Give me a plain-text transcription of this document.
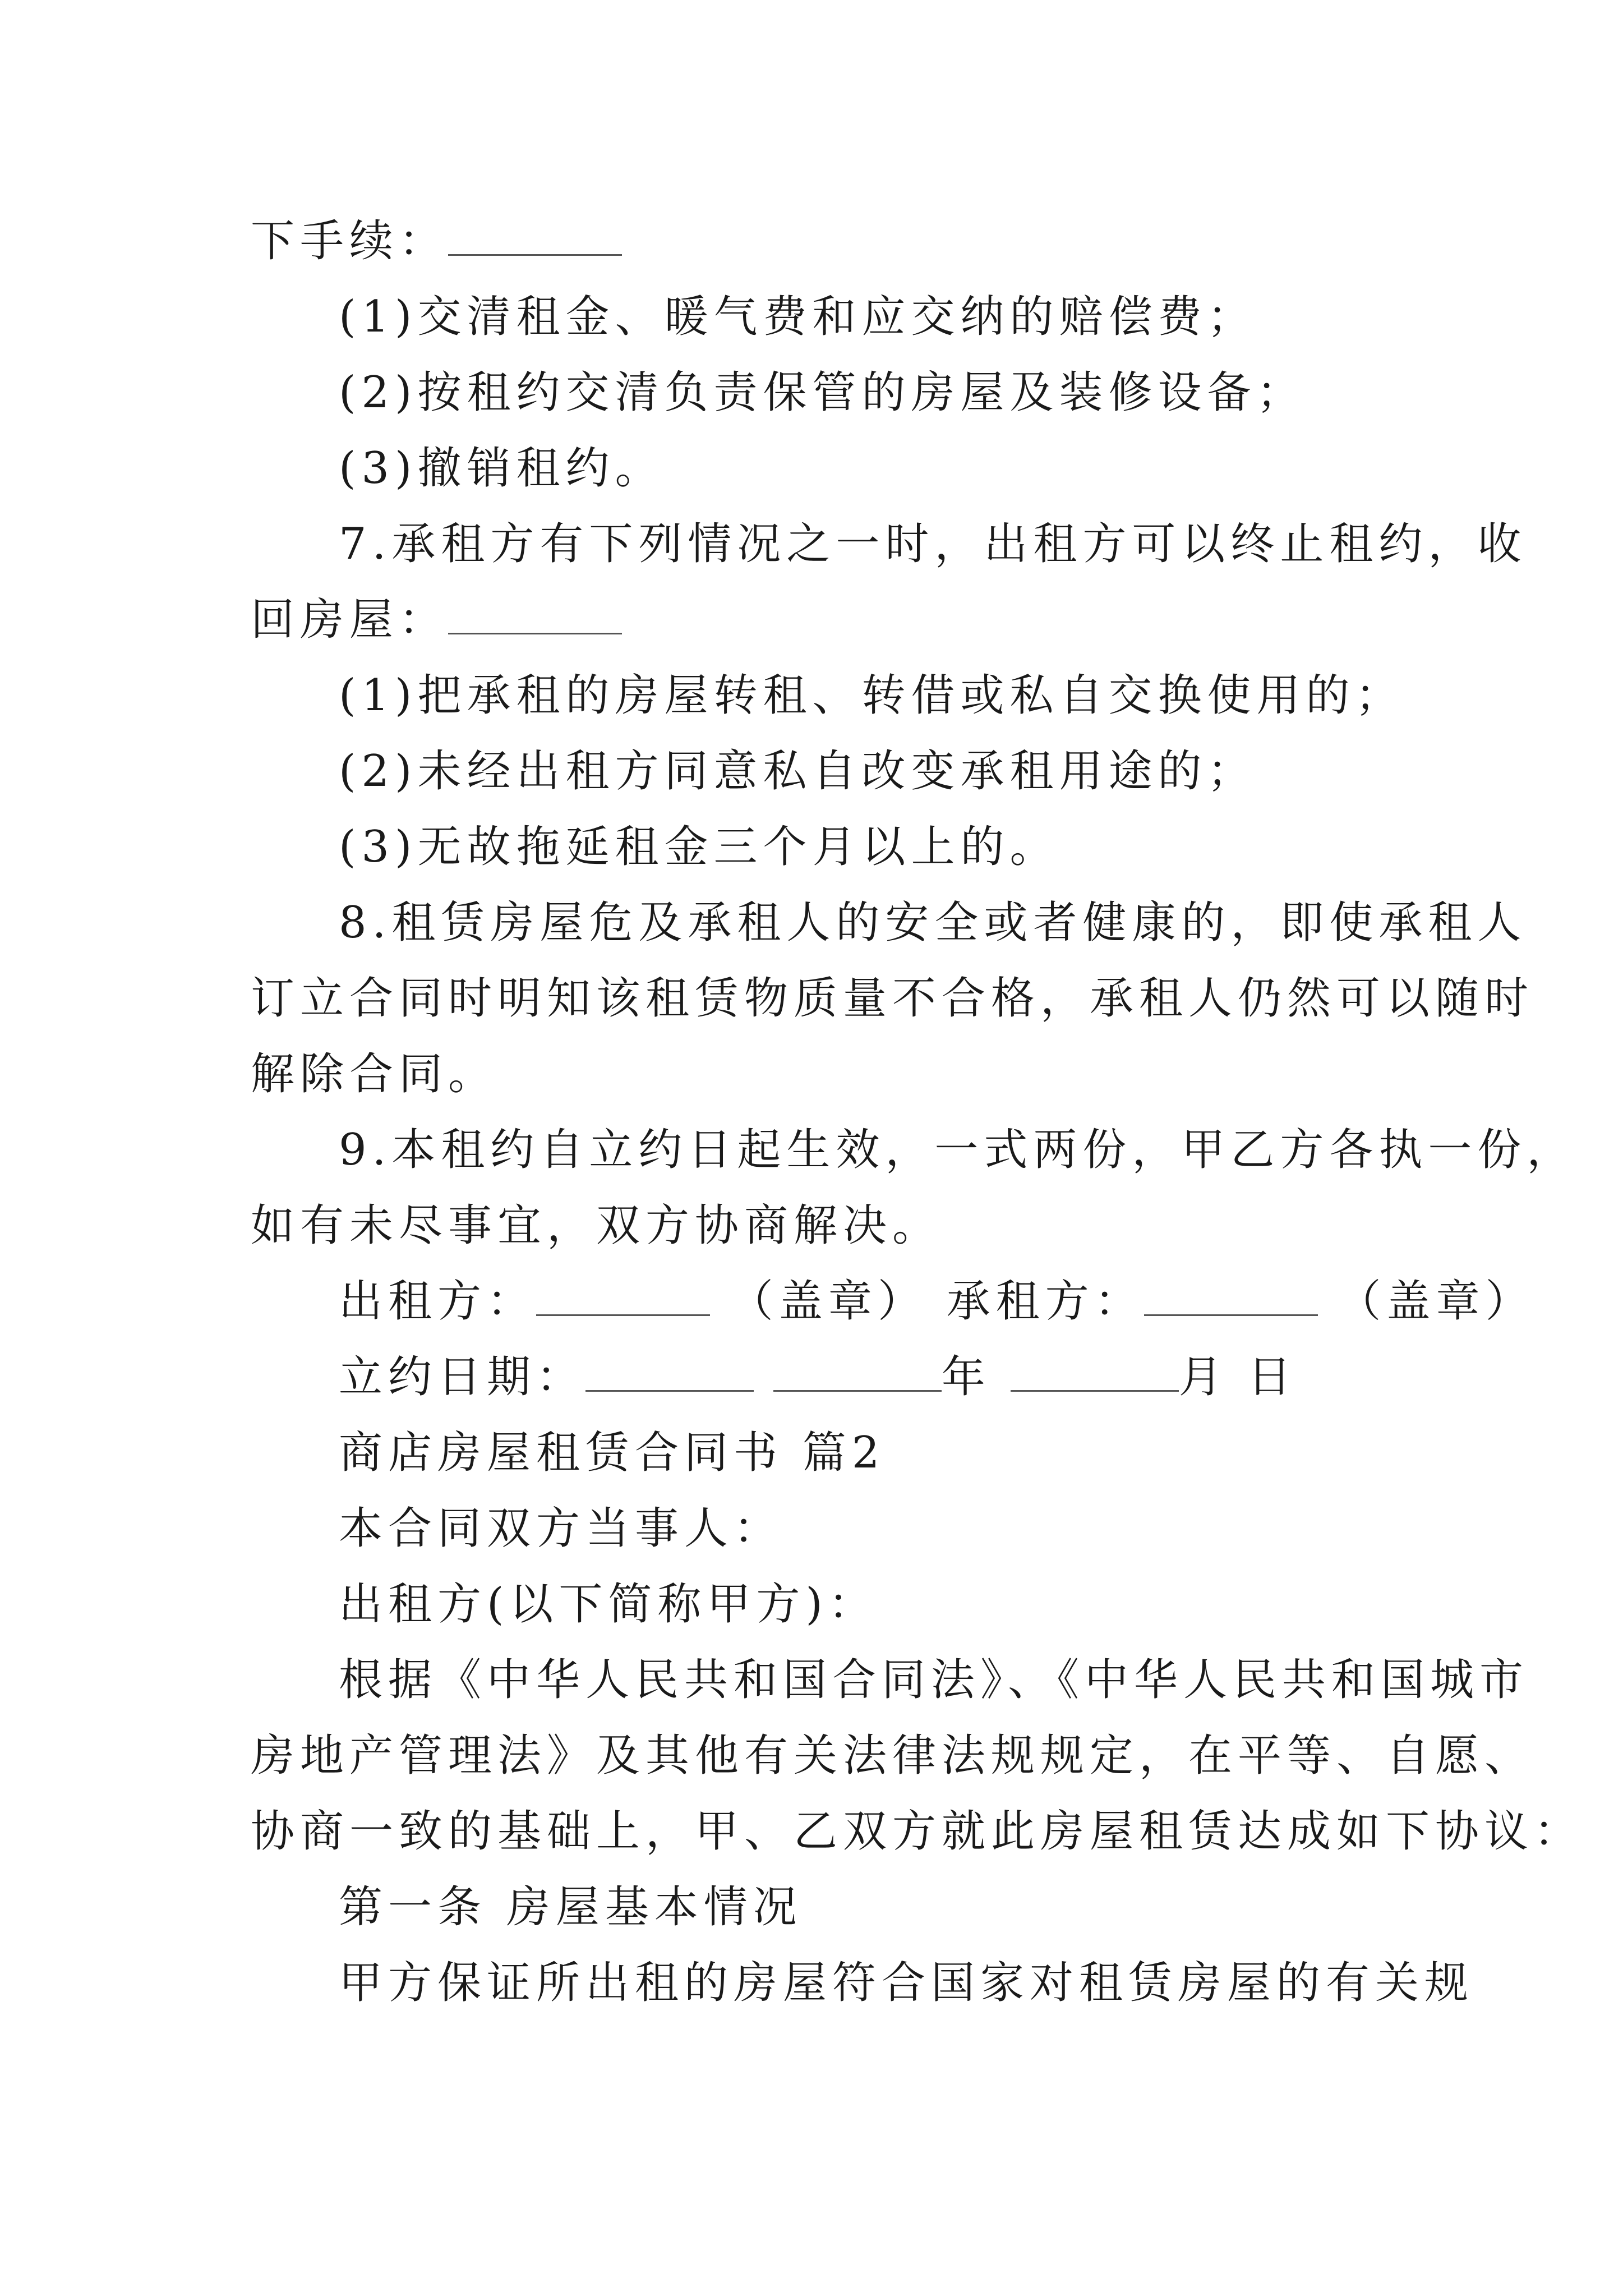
下手续：
(1)交清租金、暖气费和应交纳的赔偿费；
(2)按租约交清负责保管的房屋及装修设备；
(3)撤销租约。
7.承租方有下列情况之一时，出租方可以终止租约，收
回房屋：
(1)把承租的房屋转租、转借或私自交换使用的；
(2)未经出租方同意私自改变承租用途的；
(3)无故拖延租金三个月以上的。
8.租赁房屋危及承租人的安全或者健康的，即使承租人
订立合同时明知该租赁物质量不合格，承租人仍然可以随时
解除合同。
9.本租约自立约日起生效，一式两份，甲乙方各执一份，
如有未尽事宜，双方协商解决。
出租方：	（盖章） 承租方：	（盖章）
立约日期：	年	月 日
商店房屋租赁合同书 篇2
本合同双方当事人：
出租方(以下简称甲方)：
根据《中华人民共和国合同法》、《中华人民共和国城市
房地产管理法》及其他有关法律法规规定，在平等、自愿、
协商一致的基础上，甲、乙双方就此房屋租赁达成如下协议：
第一条 房屋基本情况
甲方保证所出租的房屋符合国家对租赁房屋的有关规
